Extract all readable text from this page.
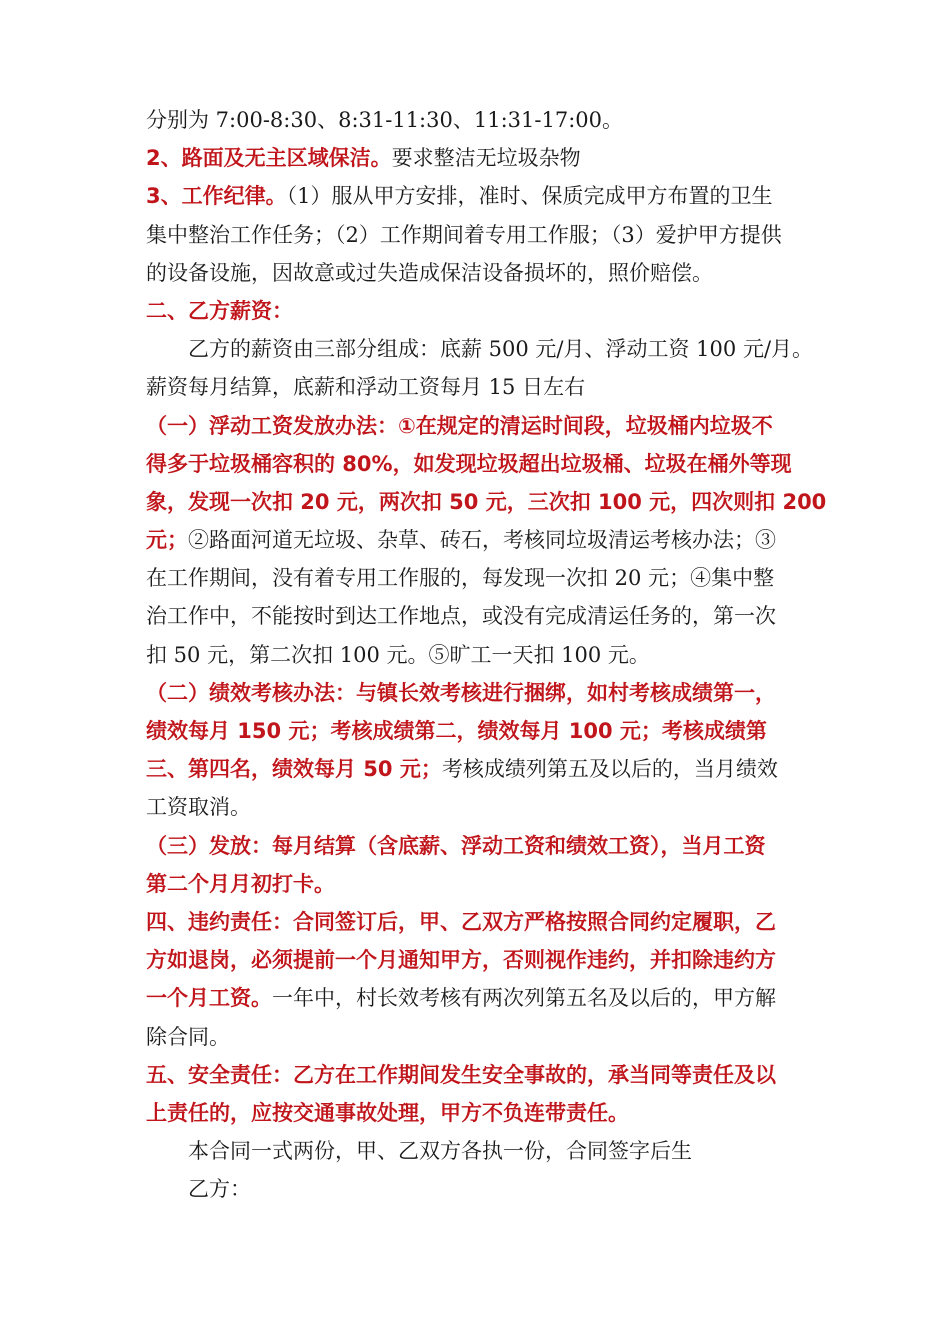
分别为 7:00-8:30、8:31-11:30、11:31-17:00。
2、路面及无主区域保洁。要求整洁无垃圾杂物
3、工作纪律。（1）服从甲方安排，准时、保质完成甲方布置的卫生
集中整治工作任务；（2）工作期间着专用工作服；（3）爱护甲方提供
的设备设施，因故意或过失造成保洁设备损坏的，照价赔偿。
二、乙方薪资：
乙方的薪资由三部分组成：底薪 500 元/月、浮动工资 100 元/月。
薪资每月结算，底薪和浮动工资每月 15 日左右
（一）浮动工资发放办法：①在规定的清运时间段，垃圾桶内垃圾不
得多于垃圾桶容积的 80%，如发现垃圾超出垃圾桶、垃圾在桶外等现
象，发现一次扣 20 元，两次扣 50 元，三次扣 100 元，四次则扣 200
元；②路面河道无垃圾、杂草、砖石，考核同垃圾清运考核办法；③
在工作期间，没有着专用工作服的，每发现一次扣 20 元；④集中整
治工作中，不能按时到达工作地点，或没有完成清运任务的，第一次
扣 50 元，第二次扣 100 元。⑤旷工一天扣 100 元。
（二）绩效考核办法：与镇长效考核进行捆绑，如村考核成绩第一，
绩效每月 150 元；考核成绩第二，绩效每月 100 元；考核成绩第
三、第四名，绩效每月 50 元；考核成绩列第五及以后的，当月绩效
工资取消。
（三）发放：每月结算（含底薪、浮动工资和绩效工资），当月工资
第二个月月初打卡。
四、违约责任：合同签订后，甲、乙双方严格按照合同约定履职，乙
方如退岗，必须提前一个月通知甲方，否则视作违约，并扣除违约方
一个月工资。一年中，村长效考核有两次列第五名及以后的，甲方解
除合同。
五、安全责任：乙方在工作期间发生安全事故的，承当同等责任及以
上责任的，应按交通事故处理，甲方不负连带责任。
本合同一式两份，甲、乙双方各执一份，合同签字后生
乙方：
